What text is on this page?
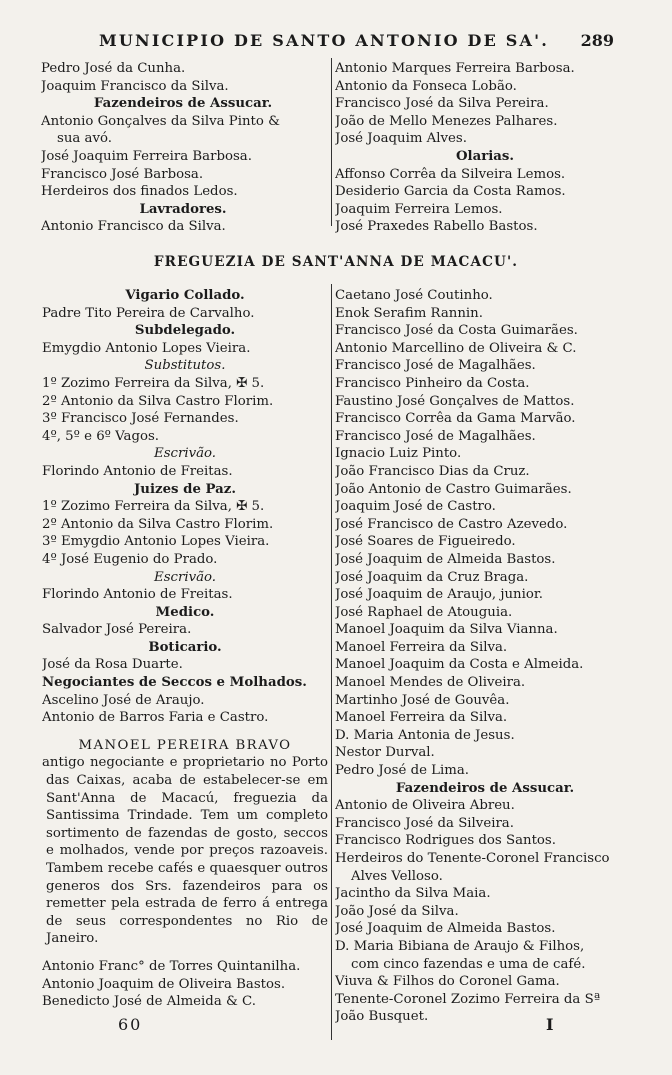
MUNICIPIO DE SANTO ANTONIO DE SA'.	289
Pedro José da Cunha.
Joaquim Francisco da Silva.
Fazendeiros de Assucar.
Antonio Gonçalves da Silva Pinto &
sua avó.
José Joaquim Ferreira Barbosa.
Francisco José Barbosa.
Herdeiros dos finados Ledos.
Lavradores.
Antonio Francisco da Silva.
Antonio Marques Ferreira Barbosa.
Antonio da Fonseca Lobão.
Francisco José da Silva Pereira.
João de Mello Menezes Palhares.
José Joaquim Alves.
Olarias.
Affonso Corrêa da Silveira Lemos.
Desiderio Garcia da Costa Ramos.
Joaquim Ferreira Lemos.
José Praxedes Rabello Bastos.
FREGUEZIA DE SANT'ANNA DE MACACU'.
Vigario Collado.
Padre Tito Pereira de Carvalho.
Subdelegado.
Emygdio Antonio Lopes Vieira.
Substitutos.
1º Zozimo Ferreira da Silva, ✠ 5.
2º Antonio da Silva Castro Florim.
3º Francisco José Fernandes.
4º, 5º e 6º Vagos.
Escrivão.
Florindo Antonio de Freitas.
Juizes de Paz.
1º Zozimo Ferreira da Silva, ✠ 5.
2º Antonio da Silva Castro Florim.
3º Emygdio Antonio Lopes Vieira.
4º José Eugenio do Prado.
Escrivão.
Florindo Antonio de Freitas.
Medico.
Salvador José Pereira.
Boticario.
José da Rosa Duarte.
Negociantes de Seccos e Molhados.
Ascelino José de Araujo.
Antonio de Barros Faria e Castro.
MANOEL PEREIRA BRAVO
antigo negociante e proprietario no Porto das Caixas, acaba de estabelecer-se em Sant'Anna de Macacú, freguezia da Santissima Trindade. Tem um completo sortimento de fazendas de gosto, seccos e molhados, vende por preços razoaveis. Tambem recebe cafés e quaesquer outros generos dos Srs. fazendeiros para os remetter pela estrada de ferro á entrega de seus correspondentes no Rio de Janeiro.
Antonio Franc° de Torres Quintanilha.
Antonio Joaquim de Oliveira Bastos.
Benedicto José de Almeida & C.
Caetano José Coutinho.
Enok Serafim Rannin.
Francisco José da Costa Guimarães.
Antonio Marcellino de Oliveira & C.
Francisco José de Magalhães.
Francisco Pinheiro da Costa.
Faustino José Gonçalves de Mattos.
Francisco Corrêa da Gama Marvão.
Francisco José de Magalhães.
Ignacio Luiz Pinto.
João Francisco Dias da Cruz.
João Antonio de Castro Guimarães.
Joaquim José de Castro.
José Francisco de Castro Azevedo.
José Soares de Figueiredo.
José Joaquim de Almeida Bastos.
José Joaquim da Cruz Braga.
José Joaquim de Araujo, junior.
José Raphael de Atouguia.
Manoel Joaquim da Silva Vianna.
Manoel Ferreira da Silva.
Manoel Joaquim da Costa e Almeida.
Manoel Mendes de Oliveira.
Martinho José de Gouvêa.
Manoel Ferreira da Silva.
D. Maria Antonia de Jesus.
Nestor Durval.
Pedro José de Lima.
Fazendeiros de Assucar.
Antonio de Oliveira Abreu.
Francisco José da Silveira.
Francisco Rodrigues dos Santos.
Herdeiros do Tenente-Coronel Francisco
Alves Velloso.
Jacintho da Silva Maia.
João José da Silva.
José Joaquim de Almeida Bastos.
D. Maria Bibiana de Araujo & Filhos,
com cinco fazendas e uma de café.
Viuva & Filhos do Coronel Gama.
Tenente-Coronel Zozimo Ferreira da Sª
João Busquet.
60	I
